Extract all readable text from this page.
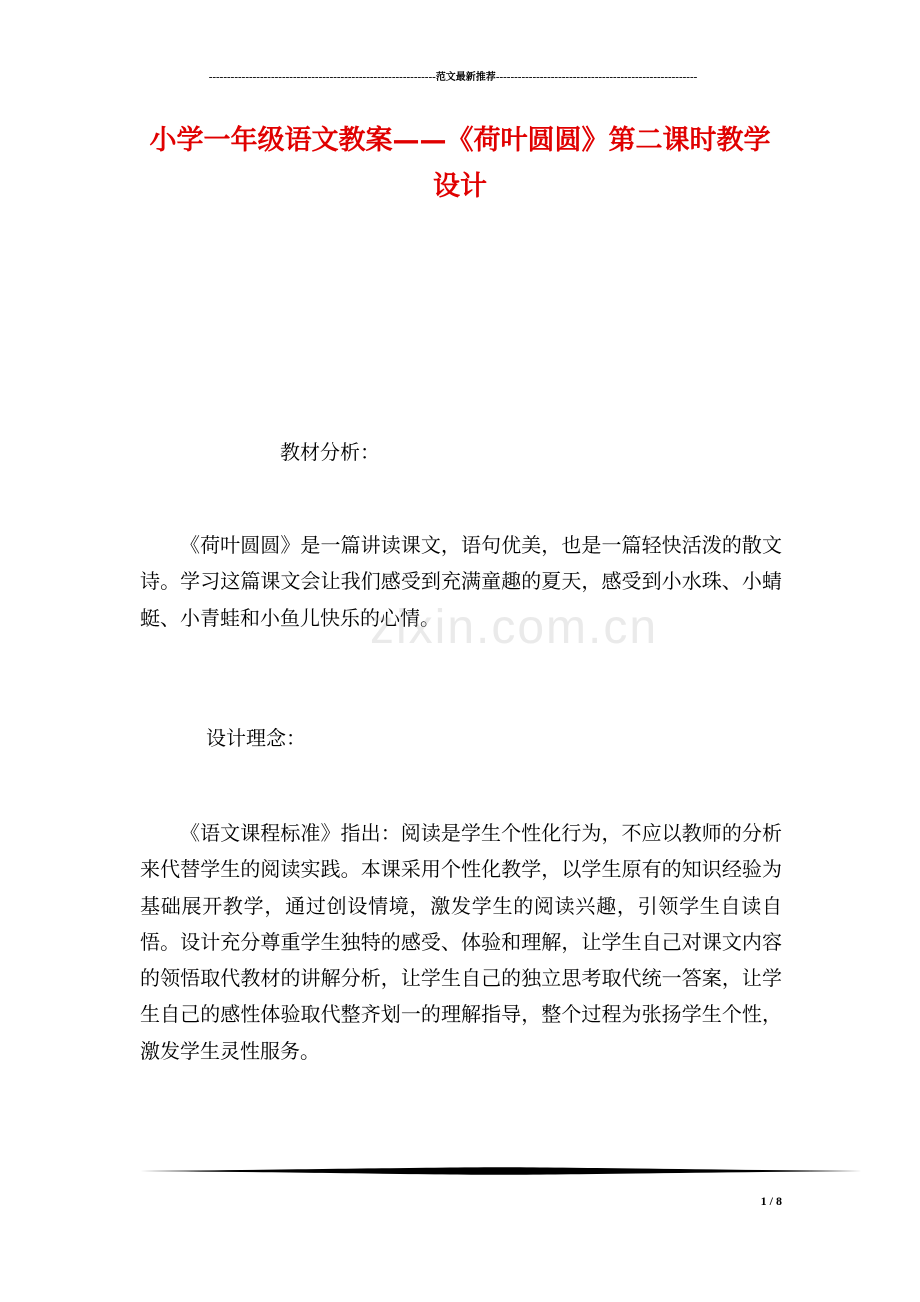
--------------------------------------------------------------范文最新推荐-------------------------------------------------------
小学一年级语文教案——《荷叶圆圆》第二课时教学设计

教材分析：

《荷叶圆圆》是一篇讲读课文，语句优美，也是一篇轻快活泼的散文诗。学习这篇课文会让我们感受到充满童趣的夏天，感受到小水珠、小蜻蜓、小青蛙和小鱼儿快乐的心情。

zixin.com.cn

设计理念：

《语文课程标准》指出：阅读是学生个性化行为，不应以教师的分析来代替学生的阅读实践。本课采用个性化教学，以学生原有的知识经验为基础展开教学，通过创设情境，激发学生的阅读兴趣，引领学生自读自悟。设计充分尊重学生独特的感受、体验和理解，让学生自己对课文内容的领悟取代教材的讲解分析，让学生自己的独立思考取代统一答案，让学生自己的感性体验取代整齐划一的理解指导，整个过程为张扬学生个性，激发学生灵性服务。

1 / 8
